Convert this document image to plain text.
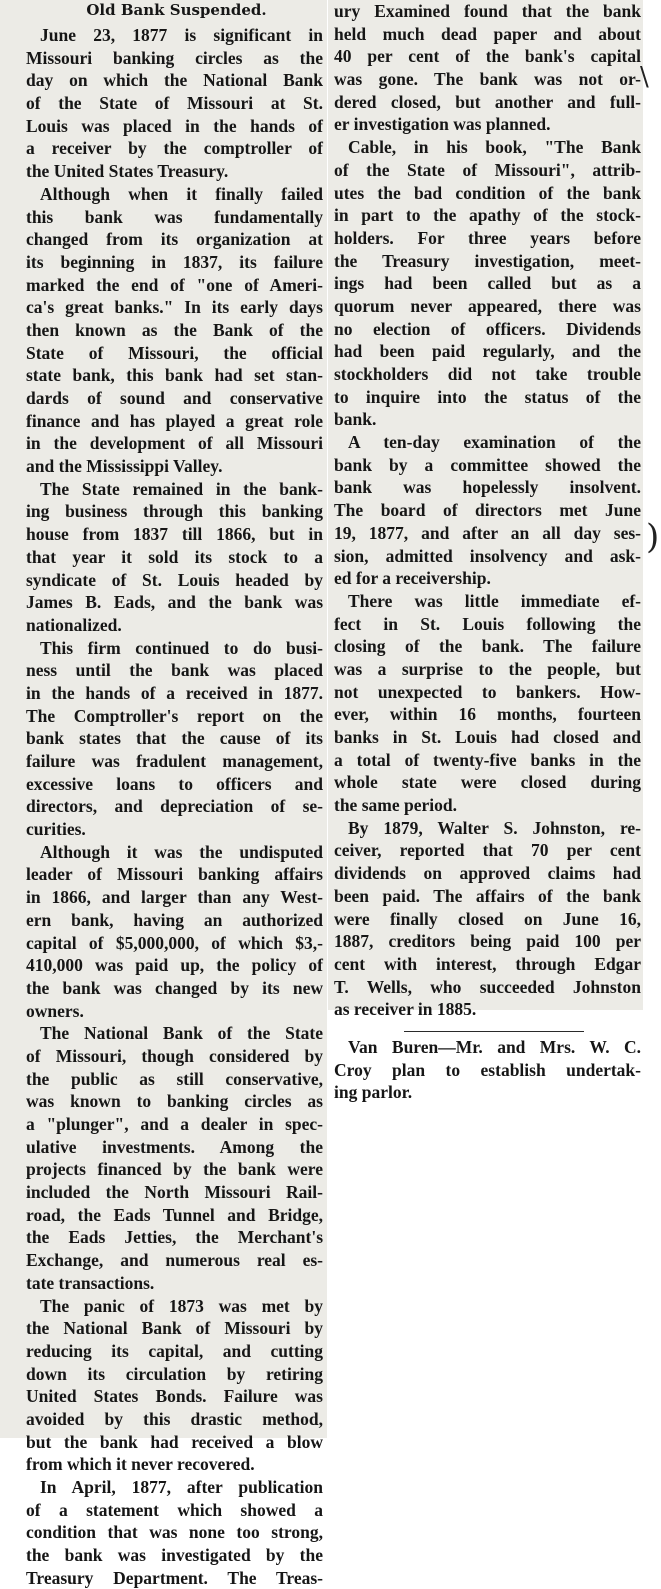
Old Bank Suspended.
June 23, 1877 is significant in
Missouri banking circles as the
day on which the National Bank
of the State of Missouri at St.
Louis was placed in the hands of
a receiver by the comptroller of
the United States Treasury.
Although when it finally failed
this bank was fundamentally
changed from its organization at
its beginning in 1837, its failure
marked the end of "one of Ameri-
ca's great banks." In its early days
then known as the Bank of the
State of Missouri, the official
state bank, this bank had set stan-
dards of sound and conservative
finance and has played a great role
in the development of all Missouri
and the Mississippi Valley.
The State remained in the bank-
ing business through this banking
house from 1837 till 1866, but in
that year it sold its stock to a
syndicate of St. Louis headed by
James B. Eads, and the bank was
nationalized.
This firm continued to do busi-
ness until the bank was placed
in the hands of a received in 1877.
The Comptroller's report on the
bank states that the cause of its
failure was fradulent management,
excessive loans to officers and
directors, and depreciation of se-
curities.
Although it was the undisputed
leader of Missouri banking affairs
in 1866, and larger than any West-
ern bank, having an authorized
capital of $5,000,000, of which $3,-
410,000 was paid up, the policy of
the bank was changed by its new
owners.
The National Bank of the State
of Missouri, though considered by
the public as still conservative,
was known to banking circles as
a "plunger", and a dealer in spec-
ulative investments. Among the
projects financed by the bank were
included the North Missouri Rail-
road, the Eads Tunnel and Bridge,
the Eads Jetties, the Merchant's
Exchange, and numerous real es-
tate transactions.
The panic of 1873 was met by
the National Bank of Missouri by
reducing its capital, and cutting
down its circulation by retiring
United States Bonds. Failure was
avoided by this drastic method,
but the bank had received a blow
from which it never recovered.
In April, 1877, after publication
of a statement which showed a
condition that was none too strong,
the bank was investigated by the
Treasury Department. The Treas-
ury Examined found that the bank
held much dead paper and about
40 per cent of the bank's capital
was gone. The bank was not or-
dered closed, but another and full-
er investigation was planned.
Cable, in his book, "The Bank
of the State of Missouri", attrib-
utes the bad condition of the bank
in part to the apathy of the stock-
holders. For three years before
the Treasury investigation, meet-
ings had been called but as a
quorum never appeared, there was
no election of officers. Dividends
had been paid regularly, and the
stockholders did not take trouble
to inquire into the status of the
bank.
A ten-day examination of the
bank by a committee showed the
bank was hopelessly insolvent.
The board of directors met June
19, 1877, and after an all day ses-
sion, admitted insolvency and ask-
ed for a receivership.
There was little immediate ef-
fect in St. Louis following the
closing of the bank. The failure
was a surprise to the people, but
not unexpected to bankers. How-
ever, within 16 months, fourteen
banks in St. Louis had closed and
a total of twenty-five banks in the
whole state were closed during
the same period.
By 1879, Walter S. Johnston, re-
ceiver, reported that 70 per cent
dividends on approved claims had
been paid. The affairs of the bank
were finally closed on June 16,
1887, creditors being paid 100 per
cent with interest, through Edgar
T. Wells, who succeeded Johnston
as receiver in 1885.
Van Buren—Mr. and Mrs. W. C.
Croy plan to establish undertak-
ing parlor.
\
)
